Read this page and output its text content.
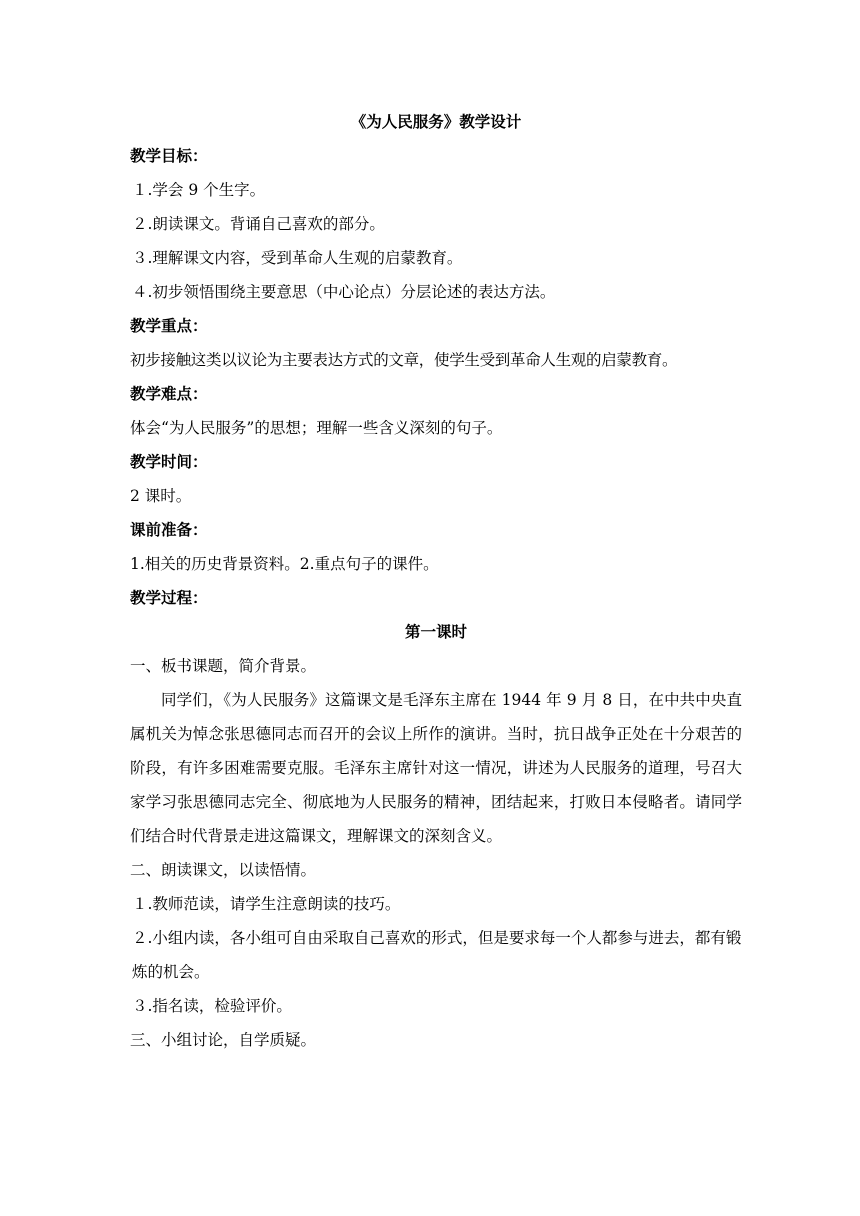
《为人民服务》教学设计
教学目标：
１.学会 9 个生字。
２.朗读课文。背诵自己喜欢的部分。
３.理解课文内容，受到革命人生观的启蒙教育。
４.初步领悟围绕主要意思（中心论点）分层论述的表达方法。
教学重点：
初步接触这类以议论为主要表达方式的文章，使学生受到革命人生观的启蒙教育。
教学难点：
体会“为人民服务”的思想；理解一些含义深刻的句子。
教学时间：
2 课时。
课前准备：
1.相关的历史背景资料。2.重点句子的课件。
教学过程：
第一课时
一、板书课题，简介背景。
同学们，《为人民服务》这篇课文是毛泽东主席在 1944 年 9 月 8 日，在中共中央直属机关为悼念张思德同志而召开的会议上所作的演讲。当时，抗日战争正处在十分艰苦的阶段，有许多困难需要克服。毛泽东主席针对这一情况，讲述为人民服务的道理，号召大家学习张思德同志完全、彻底地为人民服务的精神，团结起来，打败日本侵略者。请同学们结合时代背景走进这篇课文，理解课文的深刻含义。
二、朗读课文，以读悟情。
１.教师范读，请学生注意朗读的技巧。
２.小组内读，各小组可自由采取自己喜欢的形式，但是要求每一个人都参与进去，都有锻炼的机会。
３.指名读，检验评价。
三、小组讨论，自学质疑。
